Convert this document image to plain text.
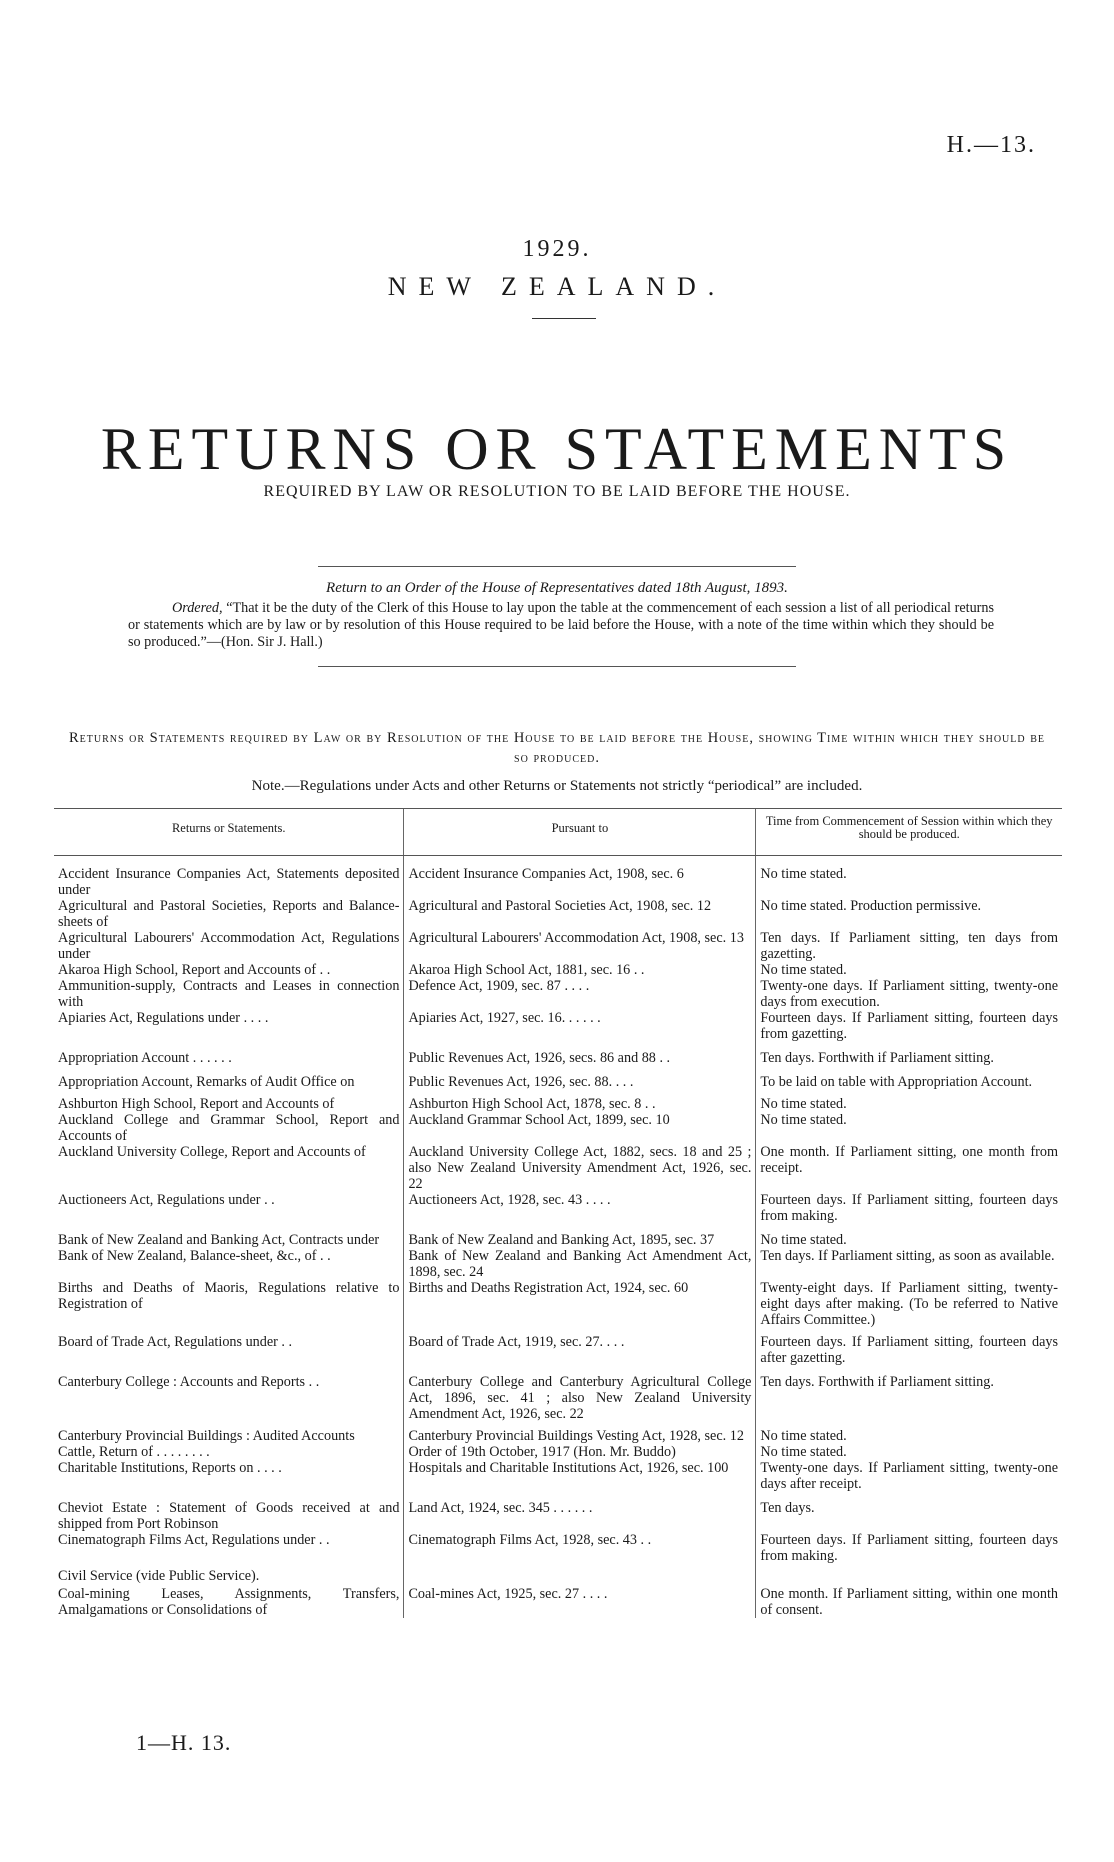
H.—13.
1929.
NEW ZEALAND.
RETURNS OR STATEMENTS
REQUIRED BY LAW OR RESOLUTION TO BE LAID BEFORE THE HOUSE.
Return to an Order of the House of Representatives dated 18th August, 1893.
Ordered, “That it be the duty of the Clerk of this House to lay upon the table at the commencement of each session a list of all periodical returns or statements which are by law or by resolution of this House required to be laid before the House, with a note of the time within which they should be so produced.”—(Hon. Sir J. Hall.)
Returns or Statements required by Law or by Resolution of the House to be laid before the House, showing Time within which they should be so produced.
Note.—Regulations under Acts and other Returns or Statements not strictly “periodical” are included.
Returns or Statements.	Pursuant to	Time from Commencement of Session within which they should be produced.

Accident Insurance Companies Act, Statements deposited under	Accident Insurance Companies Act, 1908, sec. 6	No time stated.
Agricultural and Pastoral Societies, Reports and Balance-sheets of	Agricultural and Pastoral Societies Act, 1908, sec. 12	No time stated. Production permissive.
Agricultural Labourers' Accommodation Act, Regulations under	Agricultural Labourers' Accommodation Act, 1908, sec. 13	Ten days. If Parliament sitting, ten days from gazetting.
Akaroa High School, Report and Accounts of . .	Akaroa High School Act, 1881, sec. 16 . .	No time stated.
Ammunition-supply, Contracts and Leases in connection with	Defence Act, 1909, sec. 87 . . . .	Twenty-one days. If Parliament sitting, twenty-one days from execution.
Apiaries Act, Regulations under . . . .	Apiaries Act, 1927, sec. 16. . . . . .	Fourteen days. If Parliament sitting, fourteen days from gazetting.
Appropriation Account . . . . . .	Public Revenues Act, 1926, secs. 86 and 88 . .	Ten days. Forthwith if Parliament sitting.
Appropriation Account, Remarks of Audit Office on	Public Revenues Act, 1926, sec. 88. . . .	To be laid on table with Appropriation Account.
Ashburton High School, Report and Accounts of	Ashburton High School Act, 1878, sec. 8 . .	No time stated.
Auckland College and Grammar School, Report and Accounts of	Auckland Grammar School Act, 1899, sec. 10	No time stated.
Auckland University College, Report and Accounts of	Auckland University College Act, 1882, secs. 18 and 25 ; also New Zealand University Amendment Act, 1926, sec. 22	One month. If Parliament sitting, one month from receipt.
Auctioneers Act, Regulations under . .	Auctioneers Act, 1928, sec. 43 . . . .	Fourteen days. If Parliament sitting, fourteen days from making.
Bank of New Zealand and Banking Act, Contracts under	Bank of New Zealand and Banking Act, 1895, sec. 37	No time stated.
Bank of New Zealand, Balance-sheet, &c., of . .	Bank of New Zealand and Banking Act Amendment Act, 1898, sec. 24	Ten days. If Parliament sitting, as soon as available.
Births and Deaths of Maoris, Regulations relative to Registration of	Births and Deaths Registration Act, 1924, sec. 60	Twenty-eight days. If Parliament sitting, twenty-eight days after making. (To be referred to Native Affairs Committee.)
Board of Trade Act, Regulations under . .	Board of Trade Act, 1919, sec. 27. . . .	Fourteen days. If Parliament sitting, fourteen days after gazetting.
Canterbury College : Accounts and Reports . .	Canterbury College and Canterbury Agricultural College Act, 1896, sec. 41 ; also New Zealand University Amendment Act, 1926, sec. 22	Ten days. Forthwith if Parliament sitting.
Canterbury Provincial Buildings : Audited Accounts	Canterbury Provincial Buildings Vesting Act, 1928, sec. 12	No time stated.
Cattle, Return of . . . . . . . .	Order of 19th October, 1917 (Hon. Mr. Buddo)	No time stated.
Charitable Institutions, Reports on . . . .	Hospitals and Charitable Institutions Act, 1926, sec. 100	Twenty-one days. If Parliament sitting, twenty-one days after receipt.
Cheviot Estate : Statement of Goods received at and shipped from Port Robinson	Land Act, 1924, sec. 345 . . . . . .	Ten days.
Cinematograph Films Act, Regulations under . .	Cinematograph Films Act, 1928, sec. 43 . .	Fourteen days. If Parliament sitting, fourteen days from making.
Civil Service (vide Public Service).		
Coal-mining Leases, Assignments, Transfers, Amalgamations or Consolidations of	Coal-mines Act, 1925, sec. 27 . . . .	One month. If Parliament sitting, within one month of consent.
1—H. 13.
